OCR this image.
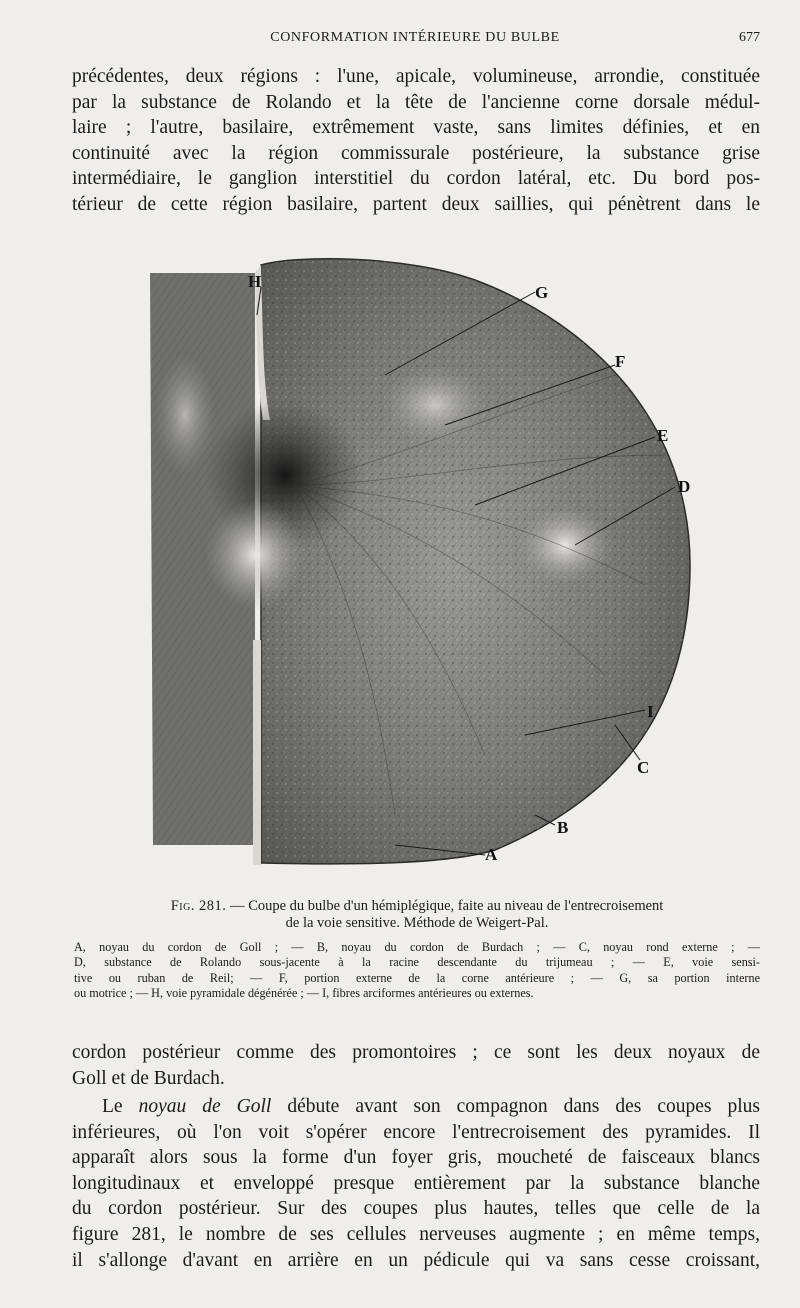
CONFORMATION INTÉRIEURE DU BULBE	677

précédentes, deux régions : l'une, apicale, volumineuse, arrondie, constituée
par la substance de Rolando et la tête de l'ancienne corne dorsale médul-
laire ; l'autre, basilaire, extrêmement vaste, sans limites définies, et en
continuité avec la région commissurale postérieure, la substance grise
intermédiaire, le ganglion interstitiel du cordon latéral, etc. Du bord pos-
térieur de cette région basilaire, partent deux saillies, qui pénètrent dans le

H
G
F
E
D
I
C
B
A
Fig. 281. — Coupe du bulbe d'un hémiplégique, faite au niveau de l'entrecroisement
de la voie sensitive. Méthode de Weigert-Pal.
A, noyau du cordon de Goll ; — B, noyau du cordon de Burdach ; — C, noyau rond externe ; —
D, substance de Rolando sous-jacente à la racine descendante du trijumeau ; — E, voie sensi-
tive ou ruban de Reil; — F, portion externe de la corne antérieure ; — G, sa portion interne
ou motrice ; — H, voie pyramidale dégénérée ; — I, fibres arciformes antérieures ou externes.

cordon postérieur comme des promontoires ; ce sont les deux noyaux de
Goll et de Burdach.

Le noyau de Goll débute avant son compagnon dans des coupes plus
inférieures, où l'on voit s'opérer encore l'entrecroisement des pyramides. Il
apparaît alors sous la forme d'un foyer gris, moucheté de faisceaux blancs
longitudinaux et enveloppé presque entièrement par la substance blanche
du cordon postérieur. Sur des coupes plus hautes, telles que celle de la
figure 281, le nombre de ses cellules nerveuses augmente ; en même temps,
il s'allonge d'avant en arrière en un pédicule qui va sans cesse croissant,
